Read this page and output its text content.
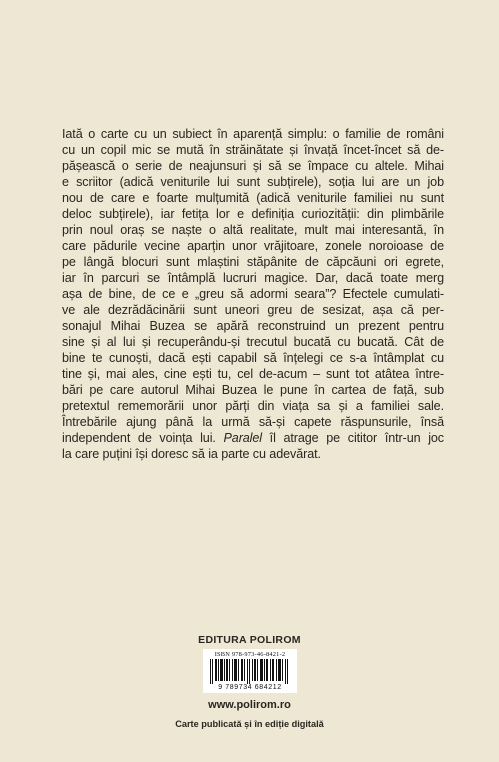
Iată o carte cu un subiect în aparență simplu: o familie de români
cu un copil mic se mută în străinătate și învață încet-încet să de-
pășească o serie de neajunsuri și să se împace cu altele. Mihai
e scriitor (adică veniturile lui sunt subțirele), soția lui are un job
nou de care e foarte mulțumită (adică veniturile familiei nu sunt
deloc subțirele), iar fetița lor e definiția curiozității: din plimbările
prin noul oraș se naște o altă realitate, mult mai interesantă, în
care pădurile vecine aparțin unor vrăjitoare, zonele noroioase de
pe lângă blocuri sunt mlaștini stăpânite de căpcăuni ori egrete,
iar în parcuri se întâmplă lucruri magice. Dar, dacă toate merg
așa de bine, de ce e „greu să adormi seara”? Efectele cumulati-
ve ale dezrădăcinării sunt uneori greu de sesizat, așa că per-
sonajul Mihai Buzea se apără reconstruind un prezent pentru
sine și al lui și recuperându-și trecutul bucată cu bucată. Cât de
bine te cunoști, dacă ești capabil să înțelegi ce s-a întâmplat cu
tine și, mai ales, cine ești tu, cel de-acum – sunt tot atâtea între-
bări pe care autorul Mihai Buzea le pune în cartea de față, sub
pretextul rememorării unor părți din viața sa și a familiei sale.
Întrebările ajung până la urmă să-și capete răspunsurile, însă
independent de voința lui. Paralel îl atrage pe cititor într-un joc
la care puțini își doresc să ia parte cu adevărat.
EDITURA POLIROM
ISBN 978-973-46-8421-2
9 789734 684212
www.polirom.ro
Carte publicată și în ediție digitală
